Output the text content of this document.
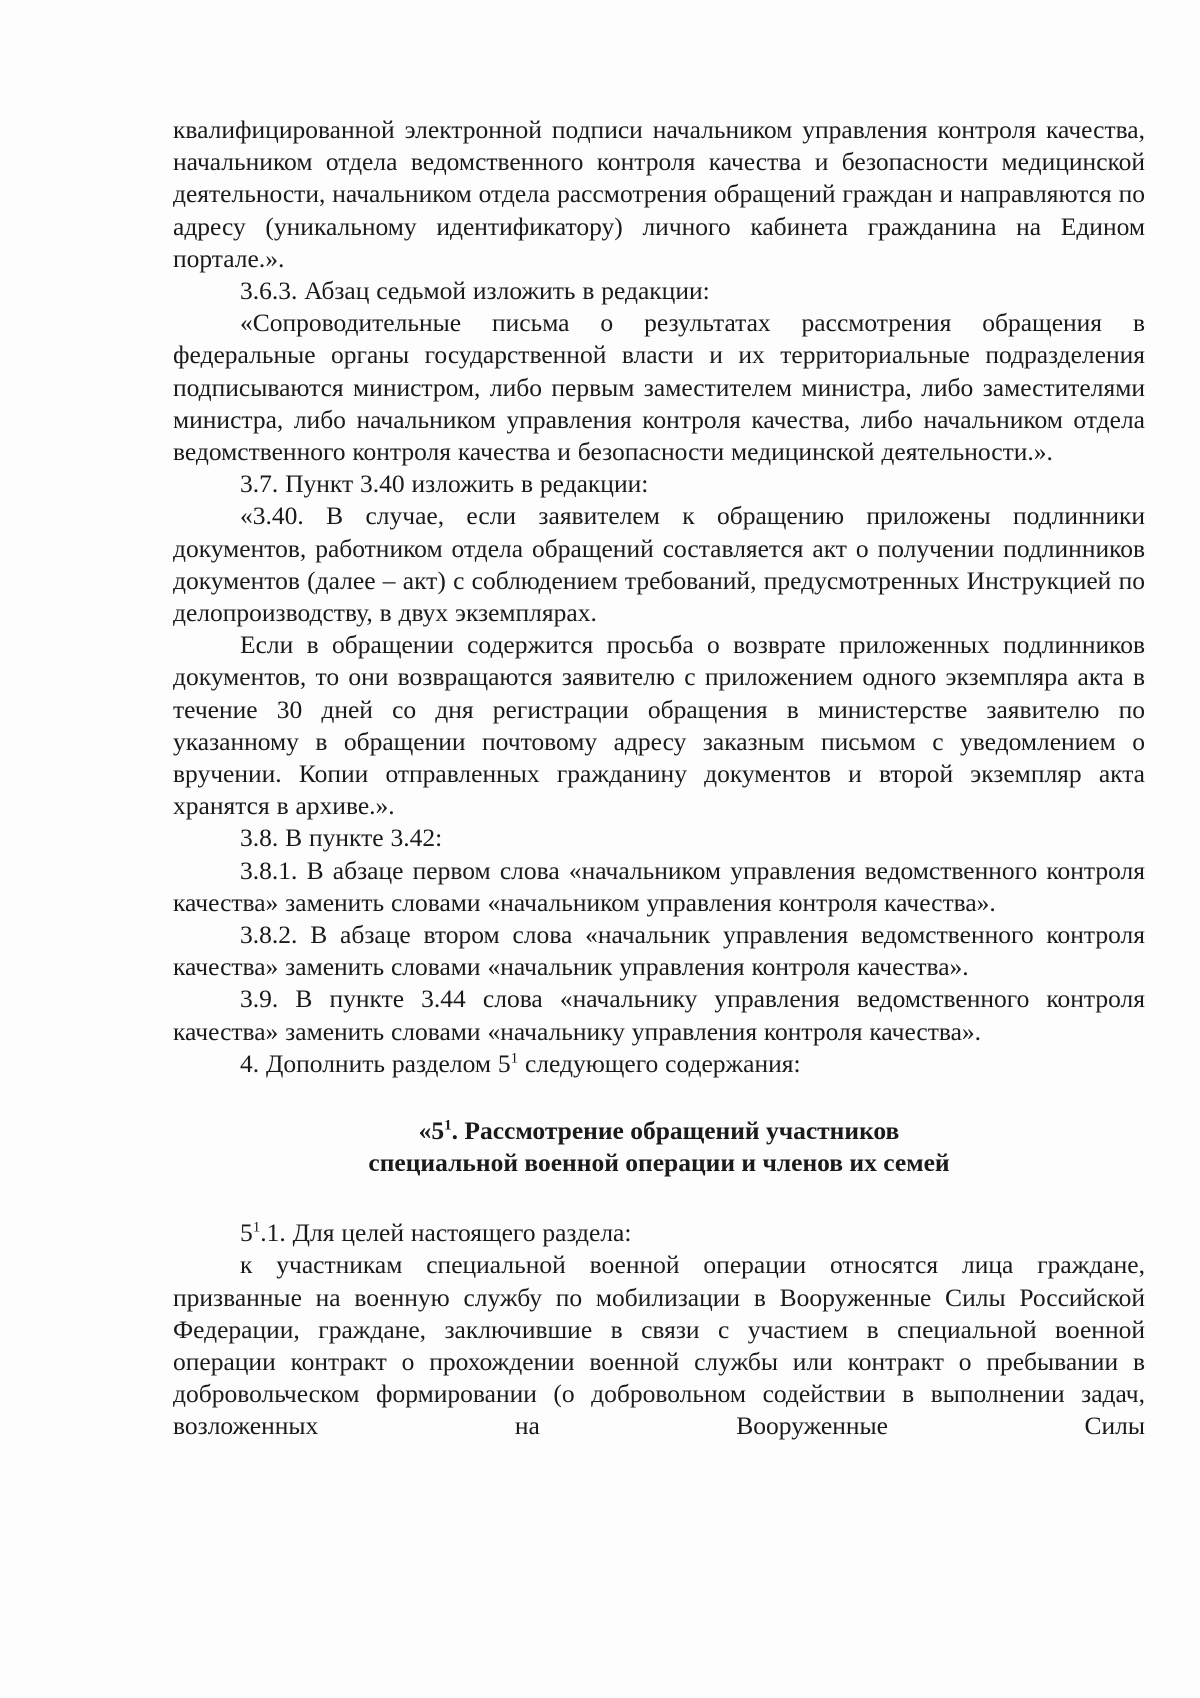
квалифицированной электронной подписи начальником управления контроля качества, начальником отдела ведомственного контроля качества и безопасности медицинской деятельности, начальником отдела рассмотрения обращений граждан и направляются по адресу (уникальному идентификатору) личного кабинета гражданина на Едином портале.».

3.6.3. Абзац седьмой изложить в редакции:

«Сопроводительные письма о результатах рассмотрения обращения в федеральные органы государственной власти и их территориальные подразделения подписываются министром, либо первым заместителем министра, либо заместителями министра, либо начальником управления контроля качества, либо начальником отдела ведомственного контроля качества и безопасности медицинской деятельности.».

3.7. Пункт 3.40 изложить в редакции:

«3.40. В случае, если заявителем к обращению приложены подлинники документов, работником отдела обращений составляется акт о получении подлинников документов (далее – акт) с соблюдением требований, предусмотренных Инструкцией по делопроизводству, в двух экземплярах.

Если в обращении содержится просьба о возврате приложенных подлинников документов, то они возвращаются заявителю с приложением одного экземпляра акта в течение 30 дней со дня регистрации обращения в министерстве заявителю по указанному в обращении почтовому адресу заказным письмом с уведомлением о вручении. Копии отправленных гражданину документов и второй экземпляр акта хранятся в архиве.».

3.8. В пункте 3.42:

3.8.1. В абзаце первом слова «начальником управления ведомственного контроля качества» заменить словами «начальником управления контроля качества».

3.8.2. В абзаце втором слова «начальник управления ведомственного контроля качества» заменить словами «начальник управления контроля качества».

3.9. В пункте 3.44 слова «начальнику управления ведомственного контроля качества» заменить словами «начальнику управления контроля качества».

4. Дополнить разделом $5^1$ следующего содержания:

«$5^1$. Рассмотрение обращений участников
специальной военной операции и членов их семей

$5^1.1$. Для целей настоящего раздела:

к участникам специальной военной операции относятся лица граждане, призванные на военную службу по мобилизации в Вооруженные Силы Российской Федерации, граждане, заключившие в связи с участием в специальной военной операции контракт о прохождении военной службы или контракт о пребывании в добровольческом формировании (о добровольном содействии в выполнении задач, возложенных на Вооруженные Силы
